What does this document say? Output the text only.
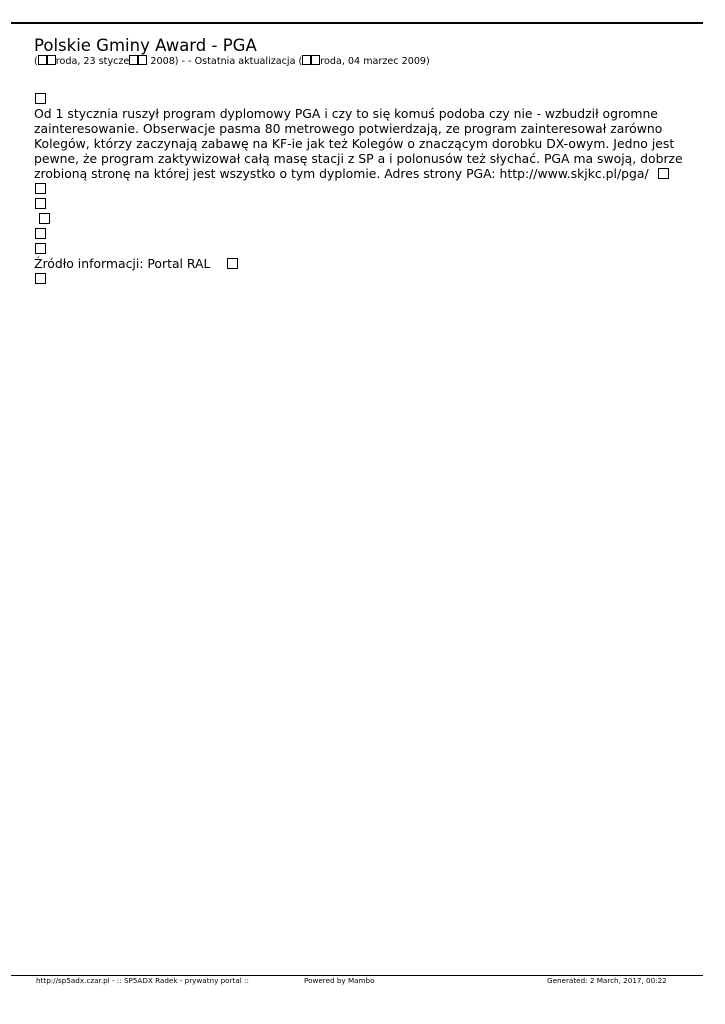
Polskie Gminy Award - PGA
( roda, 23 stycze 2008) - - Ostatnia aktualizacja ( roda, 04 marzec 2009)
Od 1 stycznia ruszył program dyplomowy PGA i czy to się komuś podoba czy nie - wzbudził ogromne
zainteresowanie. Obserwacje pasma 80 metrowego potwierdzają, ze program zainteresował zarówno
Kolegów, którzy zaczynają zabawę na KF-ie jak też Kolegów o znaczącym dorobku DX-owym. Jedno jest
pewne, że program zaktywizował całą masę stacji z SP a i polonusów też słychać. PGA ma swoją, dobrze
zrobioną stronę na której jest wszystko o tym dyplomie. Adres strony PGA: http://www.skjkc.pl/pga/
Źródło informacji: Portal RAL
http://sp5adx.czar.pl - :: SP5ADX Radek - prywatny portal ::	Powered by Mambo	Generated: 2 March, 2017, 00:22
